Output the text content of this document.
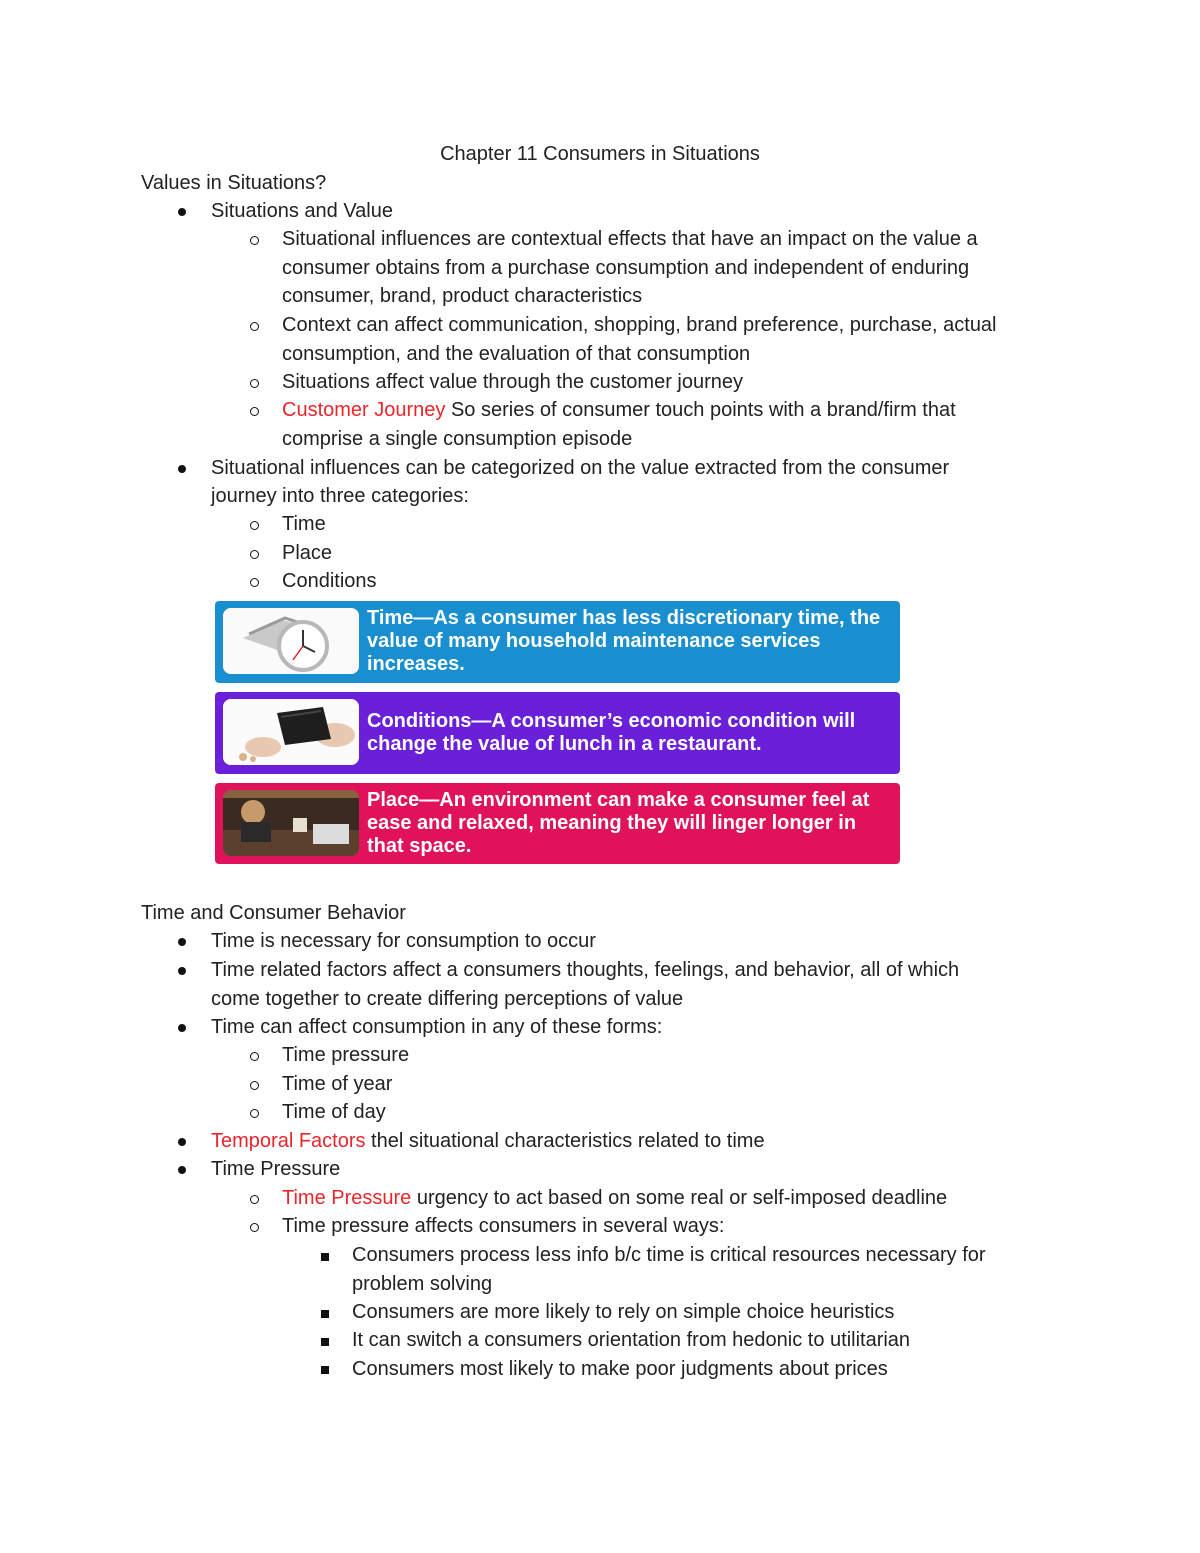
Chapter 11 Consumers in Situations
Values in Situations?
Situations and Value
Situational influences are contextual effects that have an impact on the value a
consumer obtains from a purchase consumption and independent of enduring
consumer, brand, product characteristics
Context can affect communication, shopping, brand preference, purchase, actual
consumption, and the evaluation of that consumption
Situations affect value through the customer journey
Customer Journey So series of consumer touch points with a brand/firm that
comprise a single consumption episode
Situational influences can be categorized on the value extracted from the consumer
journey into three categories:
Time
Place
Conditions
Time—As a consumer has less discretionary time, the value of many household maintenance services increases.
Conditions—A consumer’s economic condition will change the value of lunch in a restaurant.
Place—An environment can make a consumer feel at ease and relaxed, meaning they will linger longer in that space.
Time and Consumer Behavior
Time is necessary for consumption to occur
Time related factors affect a consumers thoughts, feelings, and behavior, all of which
come together to create differing perceptions of value
Time can affect consumption in any of these forms:
Time pressure
Time of year
Time of day
Temporal Factors thel situational characteristics related to time
Time Pressure
Time Pressure urgency to act based on some real or self-imposed deadline
Time pressure affects consumers in several ways:
Consumers process less info b/c time is critical resources necessary for
problem solving
Consumers are more likely to rely on simple choice heuristics
It can switch a consumers orientation from hedonic to utilitarian
Consumers most likely to make poor judgments about prices
